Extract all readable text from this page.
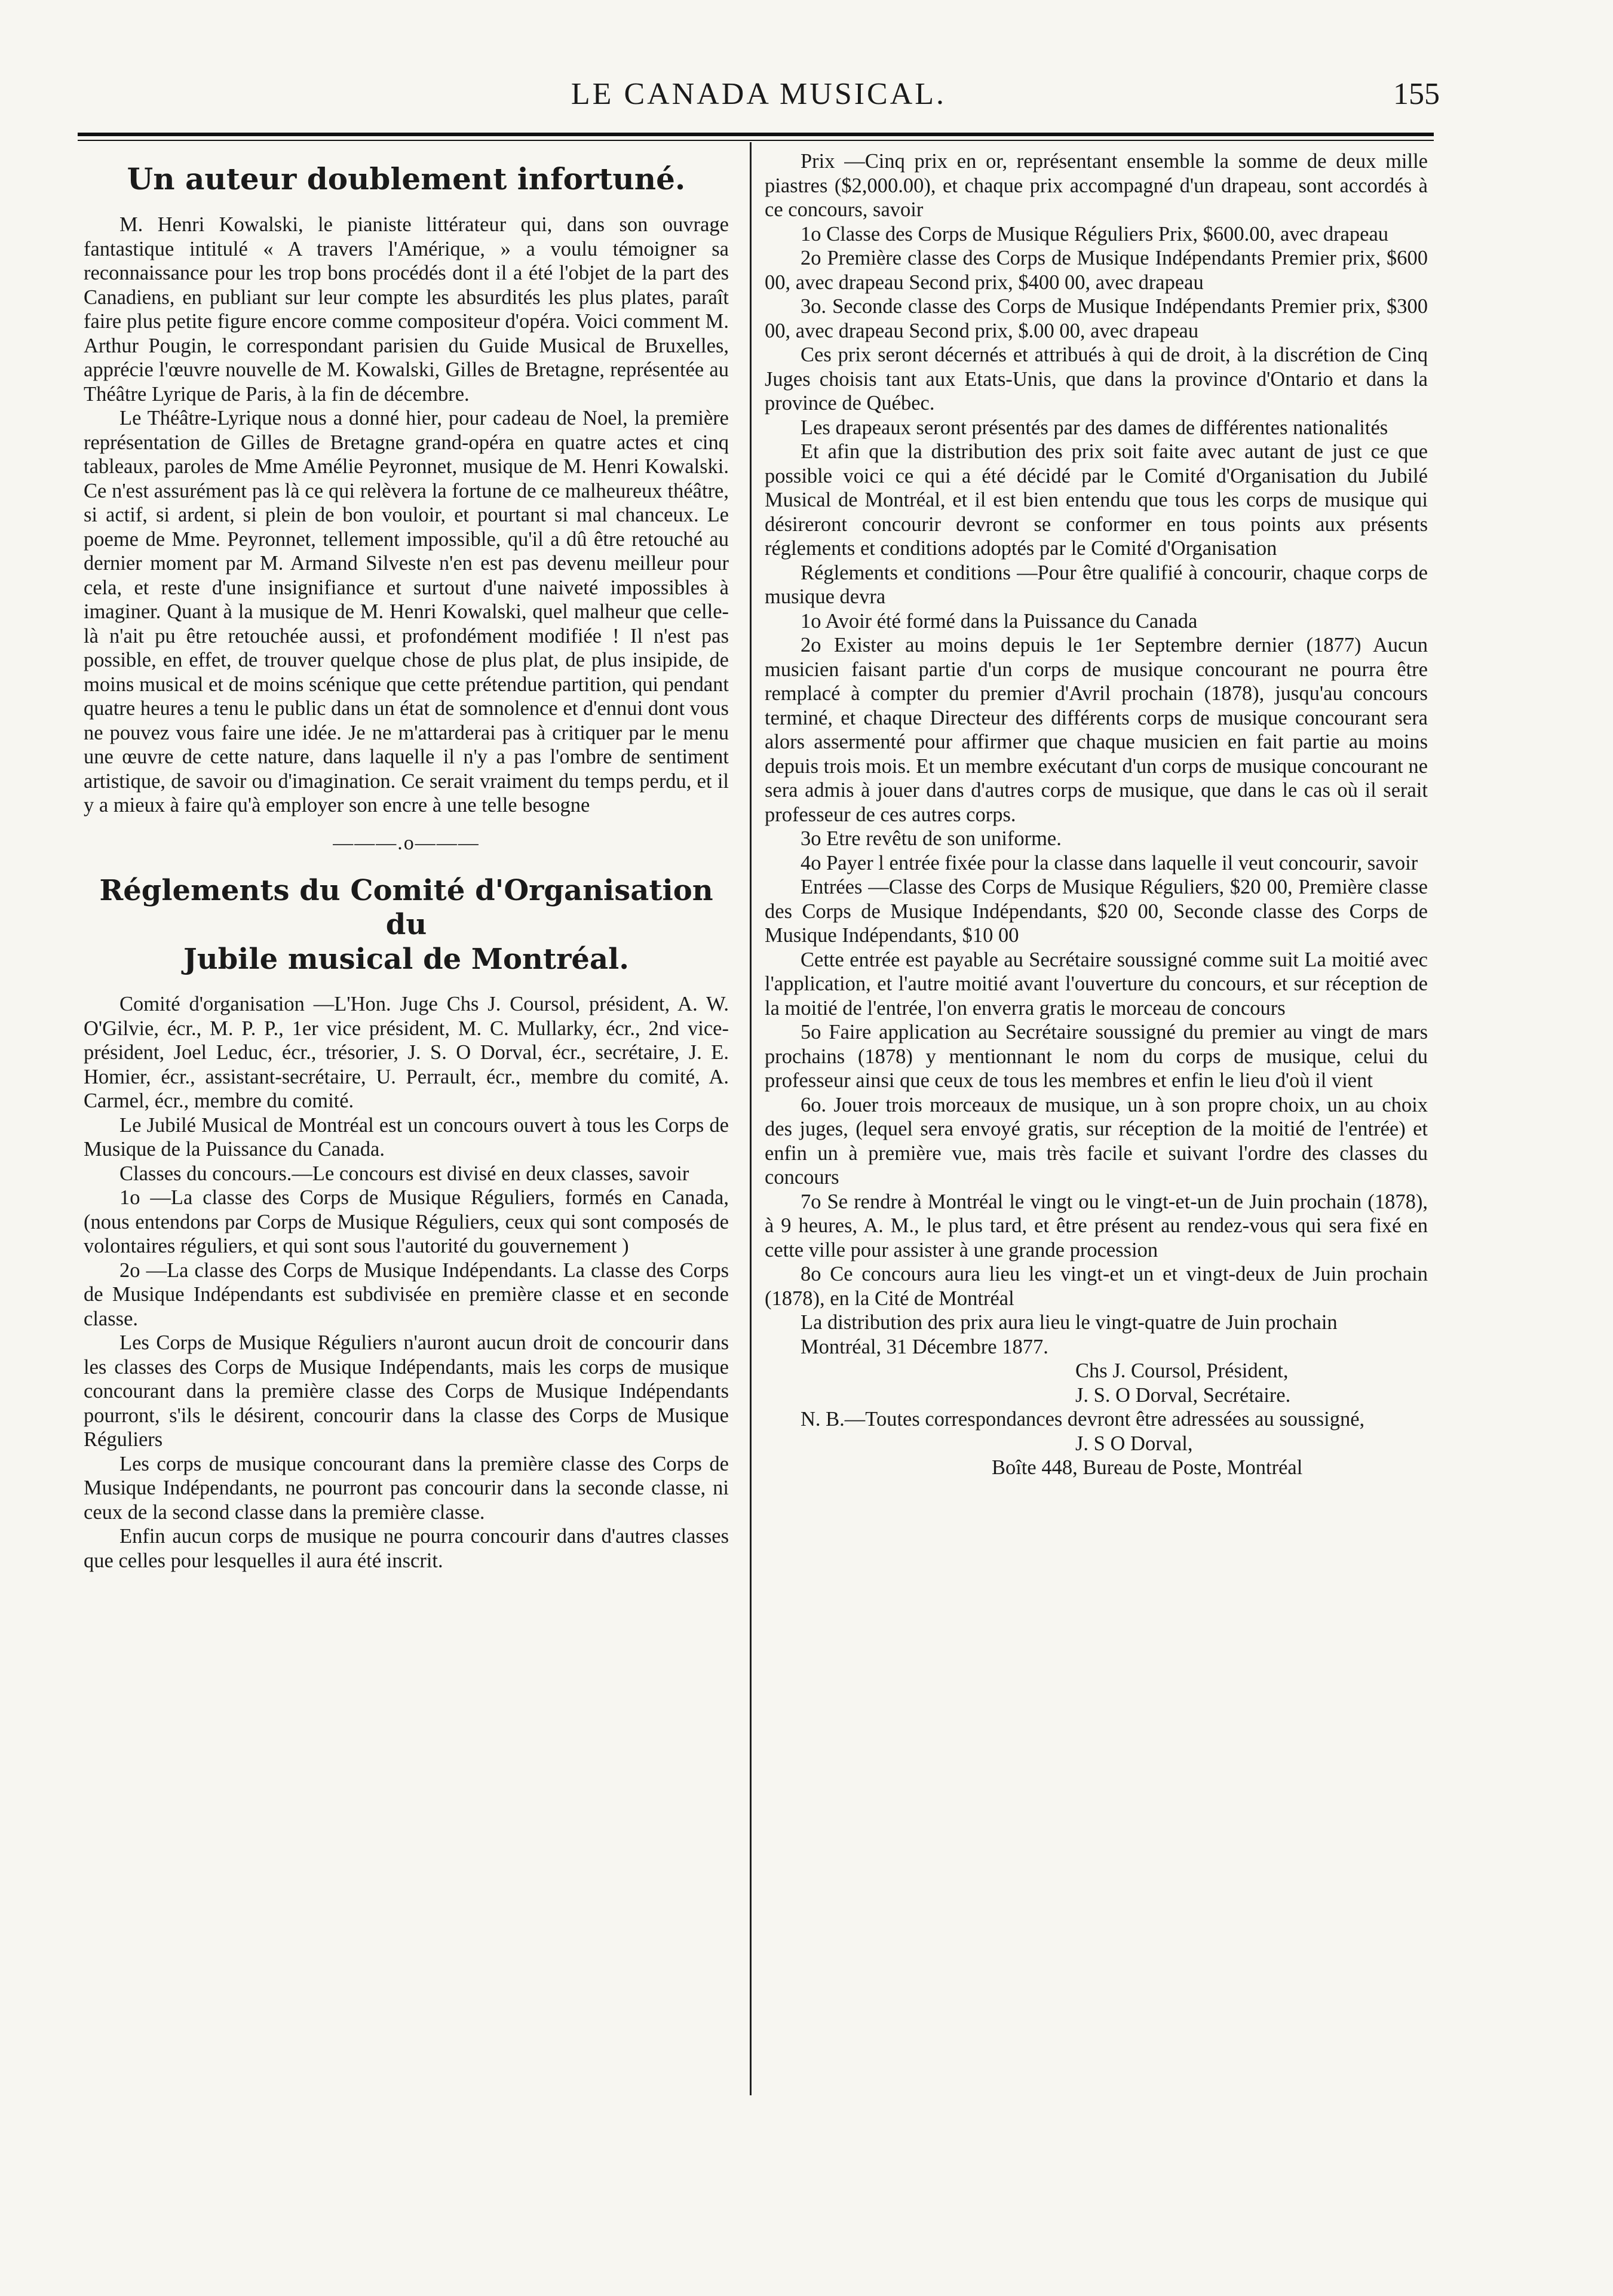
LE CANADA MUSICAL.	155
Un auteur doublement infortuné.

M. Henri Kowalski, le pianiste littérateur qui, dans son ouvrage fantastique intitulé « A travers l'Amérique, » a voulu témoigner sa reconnaissance pour les trop bons procédés dont il a été l'objet de la part des Canadiens, en publiant sur leur compte les absurdités les plus plates, paraît faire plus petite figure encore comme compositeur d'opéra. Voici comment M. Arthur Pougin, le correspondant parisien du Guide Musical de Bruxelles, apprécie l'œuvre nouvelle de M. Kowalski, Gilles de Bretagne, représentée au Théâtre Lyrique de Paris, à la fin de décembre.

Le Théâtre-Lyrique nous a donné hier, pour cadeau de Noel, la première représentation de Gilles de Bretagne grand-opéra en quatre actes et cinq tableaux, paroles de Mme Amélie Peyronnet, musique de M. Henri Kowalski. Ce n'est assurément pas là ce qui relèvera la fortune de ce malheureux théâtre, si actif, si ardent, si plein de bon vouloir, et pourtant si mal chanceux. Le poeme de Mme. Peyronnet, tellement impossible, qu'il a dû être retouché au dernier moment par M. Armand Silveste n'en est pas devenu meilleur pour cela, et reste d'une insignifiance et surtout d'une naiveté impossibles à imaginer. Quant à la musique de M. Henri Kowalski, quel malheur que celle-là n'ait pu être retouchée aussi, et profondément modifiée ! Il n'est pas possible, en effet, de trouver quelque chose de plus plat, de plus insipide, de moins musical et de moins scénique que cette prétendue partition, qui pendant quatre heures a tenu le public dans un état de somnolence et d'ennui dont vous ne pouvez vous faire une idée. Je ne m'attarderai pas à critiquer par le menu une œuvre de cette nature, dans laquelle il n'y a pas l'ombre de sentiment artistique, de savoir ou d'imagination. Ce serait vraiment du temps perdu, et il y a mieux à faire qu'à employer son encre à une telle besogne

———.o———
Réglements du Comité d'Organisation du
Jubile musical de Montréal.

Comité d'organisation —L'Hon. Juge Chs J. Coursol, président, A. W. O'Gilvie, écr., M. P. P., 1er vice président, M. C. Mullarky, écr., 2nd vice-président, Joel Leduc, écr., trésorier, J. S. O Dorval, écr., secrétaire, J. E. Homier, écr., assistant-secrétaire, U. Perrault, écr., membre du comité, A. Carmel, écr., membre du comité.

Le Jubilé Musical de Montréal est un concours ouvert à tous les Corps de Musique de la Puissance du Canada.

Classes du concours.—Le concours est divisé en deux classes, savoir

1o —La classe des Corps de Musique Réguliers, formés en Canada, (nous entendons par Corps de Musique Réguliers, ceux qui sont composés de volontaires réguliers, et qui sont sous l'autorité du gouvernement )

2o —La classe des Corps de Musique Indépendants. La classe des Corps de Musique Indépendants est subdivisée en première classe et en seconde classe.

Les Corps de Musique Réguliers n'auront aucun droit de concourir dans les classes des Corps de Musique Indépendants, mais les corps de musique concourant dans la première classe des Corps de Musique Indépendants pourront, s'ils le désirent, concourir dans la classe des Corps de Musique Réguliers

Les corps de musique concourant dans la première classe des Corps de Musique Indépendants, ne pourront pas concourir dans la seconde classe, ni ceux de la second classe dans la première classe.

Enfin aucun corps de musique ne pourra concourir dans d'autres classes que celles pour lesquelles il aura été inscrit.

Prix —Cinq prix en or, représentant ensemble la somme de deux mille piastres ($2,000.00), et chaque prix accompagné d'un drapeau, sont accordés à ce concours, savoir

1o Classe des Corps de Musique Réguliers Prix, $600.00, avec drapeau

2o Première classe des Corps de Musique Indépendants Premier prix, $600 00, avec drapeau Second prix, $400 00, avec drapeau

3o. Seconde classe des Corps de Musique Indépendants Premier prix, $300 00, avec drapeau Second prix, $.00 00, avec drapeau

Ces prix seront décernés et attribués à qui de droit, à la discrétion de Cinq Juges choisis tant aux Etats-Unis, que dans la province d'Ontario et dans la province de Québec.

Les drapeaux seront présentés par des dames de différentes nationalités

Et afin que la distribution des prix soit faite avec autant de just ce que possible voici ce qui a été décidé par le Comité d'Organisation du Jubilé Musical de Montréal, et il est bien entendu que tous les corps de musique qui désireront concourir devront se conformer en tous points aux présents réglements et conditions adoptés par le Comité d'Organisation

Réglements et conditions —Pour être qualifié à concourir, chaque corps de musique devra

1o Avoir été formé dans la Puissance du Canada

2o Exister au moins depuis le 1er Septembre dernier (1877) Aucun musicien faisant partie d'un corps de musique concourant ne pourra être remplacé à compter du premier d'Avril prochain (1878), jusqu'au concours terminé, et chaque Directeur des différents corps de musique concourant sera alors assermenté pour affirmer que chaque musicien en fait partie au moins depuis trois mois. Et un membre exécutant d'un corps de musique concourant ne sera admis à jouer dans d'autres corps de musique, que dans le cas où il serait professeur de ces autres corps.

3o Etre revêtu de son uniforme.

4o Payer l entrée fixée pour la classe dans laquelle il veut concourir, savoir

Entrées —Classe des Corps de Musique Réguliers, $20 00, Première classe des Corps de Musique Indépendants, $20 00, Seconde classe des Corps de Musique Indépendants, $10 00

Cette entrée est payable au Secrétaire soussigné comme suit La moitié avec l'application, et l'autre moitié avant l'ouverture du concours, et sur réception de la moitié de l'entrée, l'on enverra gratis le morceau de concours

5o Faire application au Secrétaire soussigné du premier au vingt de mars prochains (1878) y mentionnant le nom du corps de musique, celui du professeur ainsi que ceux de tous les membres et enfin le lieu d'où il vient

6o. Jouer trois morceaux de musique, un à son propre choix, un au choix des juges, (lequel sera envoyé gratis, sur réception de la moitié de l'entrée) et enfin un à première vue, mais très facile et suivant l'ordre des classes du concours

7o Se rendre à Montréal le vingt ou le vingt-et-un de Juin prochain (1878), à 9 heures, A. M., le plus tard, et être présent au rendez-vous qui sera fixé en cette ville pour assister à une grande procession

8o Ce concours aura lieu les vingt-et un et vingt-deux de Juin prochain (1878), en la Cité de Montréal

La distribution des prix aura lieu le vingt-quatre de Juin prochain

Montréal, 31 Décembre 1877.

Chs J. Coursol, Président,

J. S. O Dorval, Secrétaire.

N. B.—Toutes correspondances devront être adressées au soussigné,

J. S O Dorval,

Boîte 448, Bureau de Poste, Montréal
